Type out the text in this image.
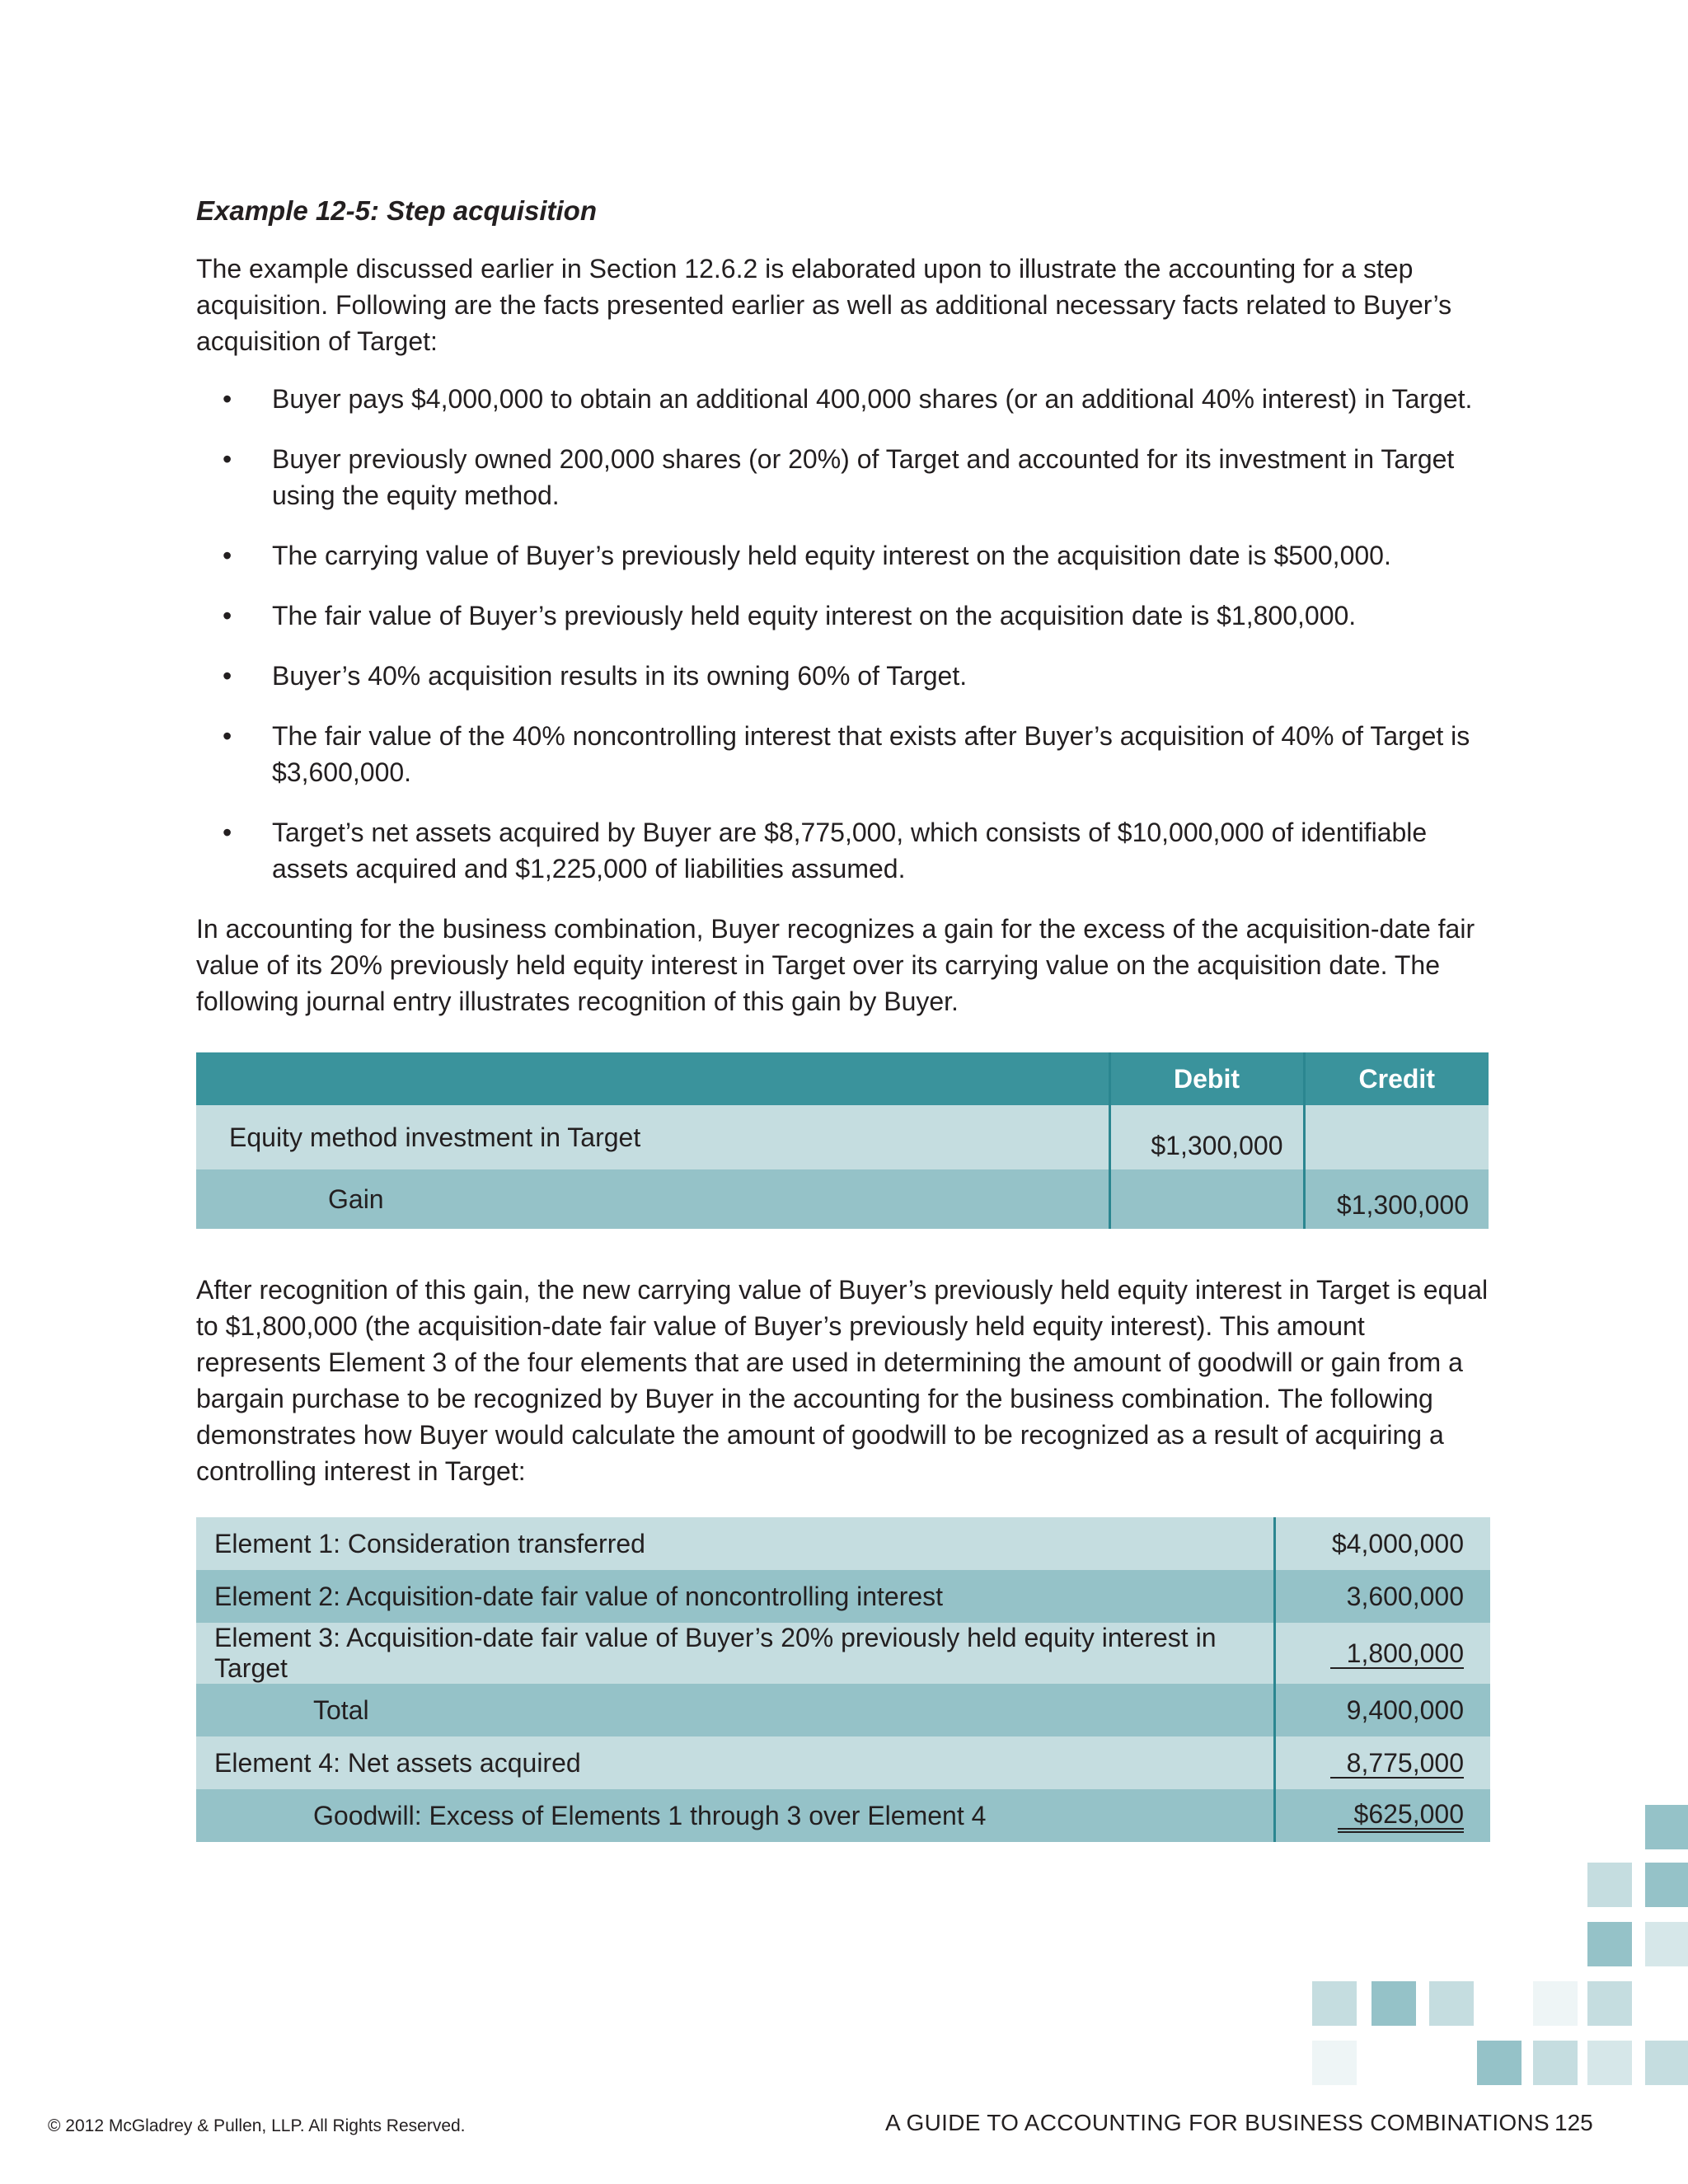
Example 12-5: Step acquisition

The example discussed earlier in Section 12.6.2 is elaborated upon to illustrate the accounting for a step acquisition. Following are the facts presented earlier as well as additional necessary facts related to Buyer’s acquisition of Target:

• Buyer pays $4,000,000 to obtain an additional 400,000 shares (or an additional 40% interest) in Target.
• Buyer previously owned 200,000 shares (or 20%) of Target and accounted for its investment in Target using the equity method.
• The carrying value of Buyer’s previously held equity interest on the acquisition date is $500,000.
• The fair value of Buyer’s previously held equity interest on the acquisition date is $1,800,000.
• Buyer’s 40% acquisition results in its owning 60% of Target.
• The fair value of the 40% noncontrolling interest that exists after Buyer’s acquisition of 40% of Target is $3,600,000.
• Target’s net assets acquired by Buyer are $8,775,000, which consists of $10,000,000 of identifiable assets acquired and $1,225,000 of liabilities assumed.

In accounting for the business combination, Buyer recognizes a gain for the excess of the acquisition-date fair value of its 20% previously held equity interest in Target over its carrying value on the acquisition date. The following journal entry illustrates recognition of this gain by Buyer.

	Debit	Credit
Equity method investment in Target	$1,300,000	
Gain		$1,300,000

After recognition of this gain, the new carrying value of Buyer’s previously held equity interest in Target is equal to $1,800,000 (the acquisition-date fair value of Buyer’s previously held equity interest). This amount represents Element 3 of the four elements that are used in determining the amount of goodwill or gain from a bargain purchase to be recognized by Buyer in the accounting for the business combination. The following demonstrates how Buyer would calculate the amount of goodwill to be recognized as a result of acquiring a controlling interest in Target:

Element 1: Consideration transferred	$4,000,000
Element 2: Acquisition-date fair value of noncontrolling interest	3,600,000
Element 3: Acquisition-date fair value of Buyer’s 20% previously held equity interest in Target	1,800,000
Total	9,400,000
Element 4: Net assets acquired	8,775,000
Goodwill: Excess of Elements 1 through 3 over Element 4	$625,000
© 2012 McGladrey & Pullen, LLP. All Rights Reserved.	A GUIDE TO ACCOUNTING FOR BUSINESS COMBINATIONS 125
